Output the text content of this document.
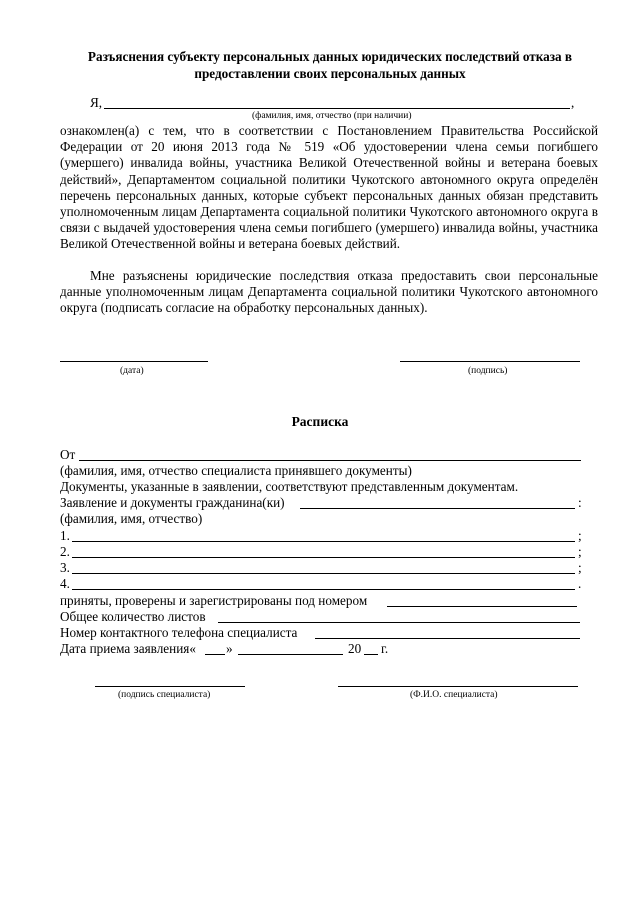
Разъяснения субъекту персональных данных юридических последствий отказа в предоставлении своих персональных данных
Я,	,
(фамилия, имя, отчество (при наличии)
ознакомлен(а) с тем, что в соответствии с Постановлением Правительства Российской Федерации от 20 июня 2013 года № 519 «Об удостоверении члена семьи погибшего (умершего) инвалида войны, участника Великой Отечественной войны и ветерана боевых действий», Департаментом социальной политики Чукотского автономного округа определён перечень персональных данных, которые субъект персональных данных обязан представить уполномоченным лицам Департамента социальной политики Чукотского автономного округа в связи с выдачей удостоверения члена семьи погибшего (умершего) инвалида войны, участника Великой Отечественной войны и ветерана боевых действий.
Мне разъяснены юридические последствия отказа предоставить свои персональные данные уполномоченным лицам Департамента социальной политики Чукотского автономного округа (подписать согласие на обработку персональных данных).
(дата)	(подпись)
Расписка
От
(фамилия, имя, отчество специалиста принявшего документы)
Документы, указанные в заявлении, соответствуют представленным документам.
Заявление и документы гражданина(ки)	:
(фамилия, имя, отчество)
1.	;
2.	;
3.	;
4.	.
приняты, проверены и зарегистрированы под номером
Общее количество листов
Номер контактного телефона специалиста
Дата приема заявления« »	20 г.
(подпись специалиста)	(Ф.И.О. специалиста)
